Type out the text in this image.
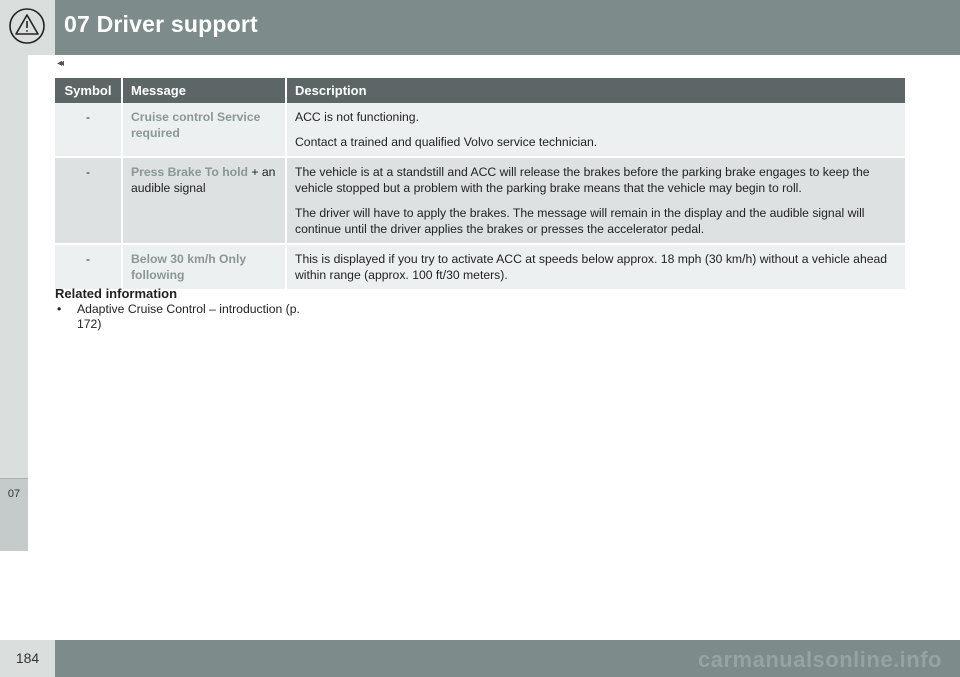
07 Driver support
07
◂◂
Symbol	Message	Description
-	Cruise control Service required	ACC is not functioning.

Contact a trained and qualified Volvo service technician.

-	Press Brake To hold + an audible signal	The vehicle is at a standstill and ACC will release the brakes before the parking brake engages to keep the vehicle stopped but a problem with the parking brake means that the vehicle may begin to roll.

The driver will have to apply the brakes. The message will remain in the display and the audible signal will continue until the driver applies the brakes or presses the accelerator pedal.

-	Below 30 km/h Only following	This is displayed if you try to activate ACC at speeds below approx. 18 mph (30 km/h) without a vehicle ahead within range (approx. 100 ft/30 meters).

Related information
• Adaptive Cruise Control – introduction (p. 172)
184	carmanualsonline.info
